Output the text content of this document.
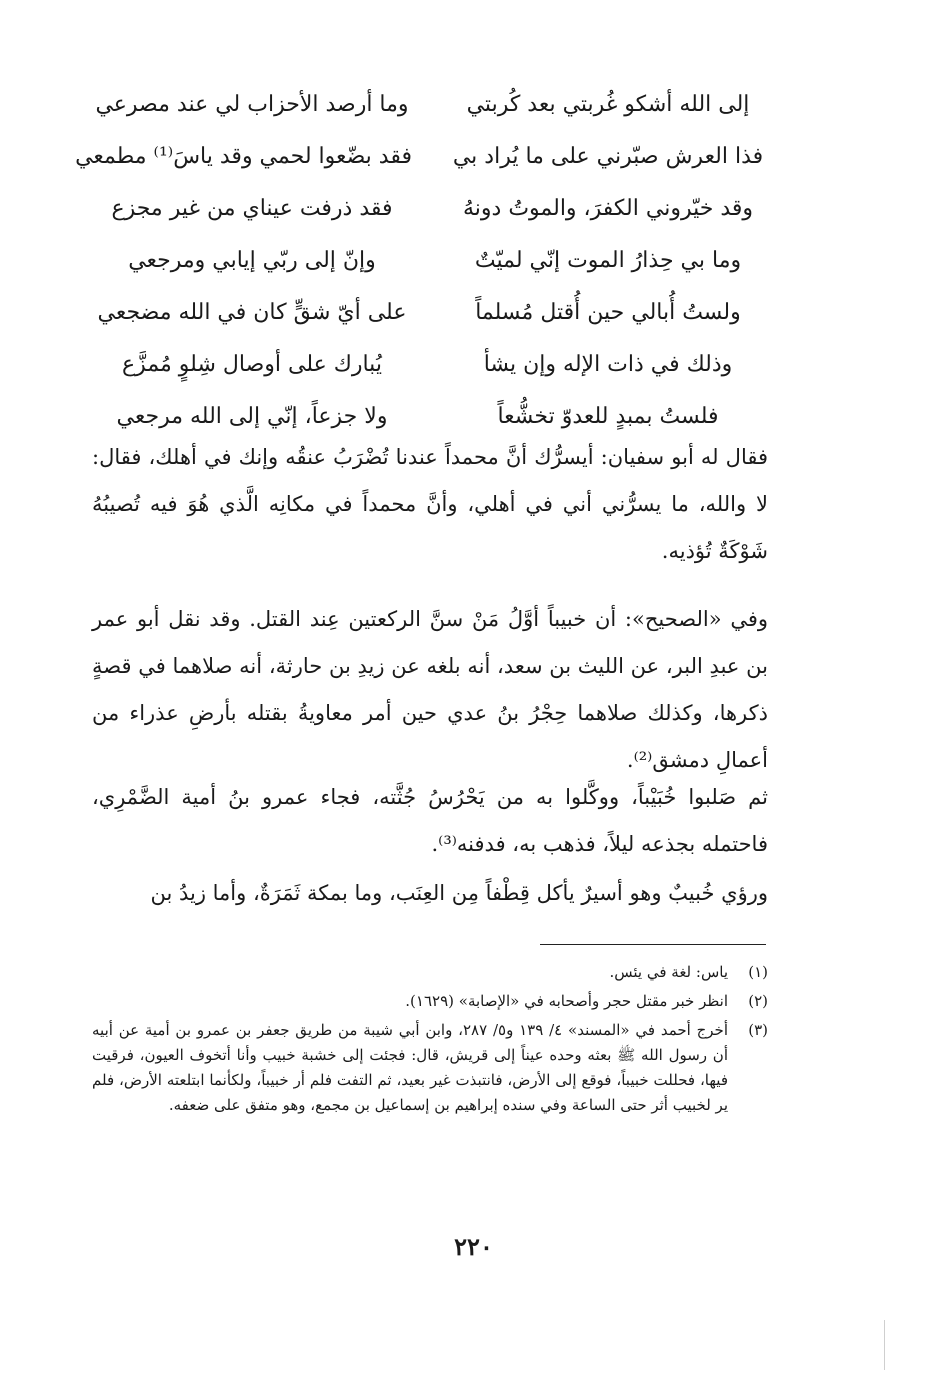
إلى الله أشكو غُربتي بعد كُربتي
وما أرصد الأحزاب لي عند مصرعي
فذا العرش صبّرني على ما يُراد بي
فقد بضّعوا لحمي وقد ياسَ⁽¹⁾ مطمعي
وقد خيّروني الكفرَ، والموتُ دونهُ
فقد ذرفت عيناي من غير مجزع
وما بي حِذارُ الموت إنّي لميّتٌ
وإنّ إلى ربّي إيابي ومرجعي
ولستُ أُبالي حين أُقتل مُسلماً
على أيّ شقٍّ كان في الله مضجعي
وذلك في ذات الإله وإن يشأ
يُبارك على أوصال شِلوٍ مُمزَّع
فلستُ بمبدٍ للعدوّ تخشُّعاً
ولا جزعاً، إنّي إلى الله مرجعي

فقال له أبو سفيان: أيسرُّك أنَّ محمداً عندنا تُضْرَبُ عنقُه وإنك في أهلك، فقال: لا والله، ما يسرُّني أني في أهلي، وأنَّ محمداً في مكانِه الَّذي هُوَ فيه تُصيبُهُ شَوْكَةٌ تُؤذيه.

وفي «الصحيح»: أن خبيباً أوَّلُ مَنْ سنَّ الركعتين عِند القتل. وقد نقل أبو عمر بن عبدِ البر، عن الليث بن سعد، أنه بلغه عن زيدِ بن حارثة، أنه صلاهما في قصةٍ ذكرها، وكذلك صلاهما حِجْرُ بنُ عدي حين أمر معاويةُ بقتله بأرضِ عذراء من أعمالِ دمشق⁽²⁾.

ثم صَلبوا خُبَيْباً، ووكَّلوا به من يَحْرُسُ جُثَّته، فجاء عمرو بنُ أمية الضَّمْرِي، فاحتمله بجذعه ليلاً، فذهب به، فدفنه⁽³⁾.

ورؤي خُبيبٌ وهو أسيرٌ يأكل قِطْفاً مِن العِنَب، وما بمكة ثَمَرَةٌ، وأما زيدُ بن

(١)
ياس: لغة في يئس.
(٢)
انظر خبر مقتل حجر وأصحابه في «الإصابة» (١٦٢٩).
(٣)
أخرج أحمد في «المسند» ٤/ ١٣٩ و٥/ ٢٨٧، وابن أبي شيبة من طريق جعفر بن عمرو بن أمية عن أبيه أن رسول الله ﷺ بعثه وحده عيناً إلى قريش، قال: فجئت إلى خشبة خبيب وأنا أتخوف العيون، فرقيت فيها، فحللت خبيباً، فوقع إلى الأرض، فانتبذت غير بعيد، ثم التفت فلم أر خبيباً، ولكأنما ابتلعته الأرض، فلم ير لخبيب أثر حتى الساعة وفي سنده إبراهيم بن إسماعيل بن مجمع، وهو متفق على ضعفه.
٢٢٠
